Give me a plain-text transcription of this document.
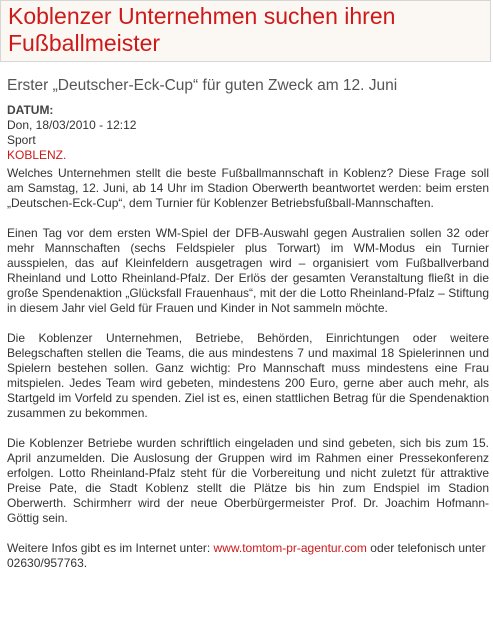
Koblenzer Unternehmen suchen ihren Fußballmeister
Erster „Deutscher-Eck-Cup“ für guten Zweck am 12. Juni
DATUM:
Don, 18/03/2010 - 12:12
Sport
KOBLENZ.

Welches Unternehmen stellt die beste Fußballmannschaft in Koblenz? Diese Frage soll am Samstag, 12. Juni, ab 14 Uhr im Stadion Oberwerth beantwortet werden: beim ersten „Deutschen-Eck-Cup“, dem Turnier für Koblenzer Betriebsfußball-Mannschaften.

Einen Tag vor dem ersten WM-Spiel der DFB-Auswahl gegen Australien sollen 32 oder mehr Mannschaften (sechs Feldspieler plus Torwart) im WM-Modus ein Turnier ausspielen, das auf Kleinfeldern ausgetragen wird – organisiert vom Fußballverband Rheinland und Lotto Rheinland-Pfalz. Der Erlös der gesamten Veranstaltung fließt in die große Spendenaktion „Glücksfall Frauenhaus“, mit der die Lotto Rheinland-Pfalz – Stiftung in diesem Jahr viel Geld für Frauen und Kinder in Not sammeln möchte.

Die Koblenzer Unternehmen, Betriebe, Behörden, Einrichtungen oder weitere Belegschaften stellen die Teams, die aus mindestens 7 und maximal 18 Spielerinnen und Spielern bestehen sollen. Ganz wichtig: Pro Mannschaft muss mindestens eine Frau mitspielen. Jedes Team wird gebeten, mindestens 200 Euro, gerne aber auch mehr, als Startgeld im Vorfeld zu spenden. Ziel ist es, einen stattlichen Betrag für die Spendenaktion zusammen zu bekommen.

Die Koblenzer Betriebe wurden schriftlich eingeladen und sind gebeten, sich bis zum 15. April anzumelden. Die Auslosung der Gruppen wird im Rahmen einer Pressekonferenz erfolgen. Lotto Rheinland-Pfalz steht für die Vorbereitung und nicht zuletzt für attraktive Preise Pate, die Stadt Koblenz stellt die Plätze bis hin zum Endspiel im Stadion Oberwerth. Schirmherr wird der neue Oberbürgermeister Prof. Dr. Joachim Hofmann-Göttig sein.

Weitere Infos gibt es im Internet unter: www.tomtom-pr-agentur.com oder telefonisch unter 02630/957763.
